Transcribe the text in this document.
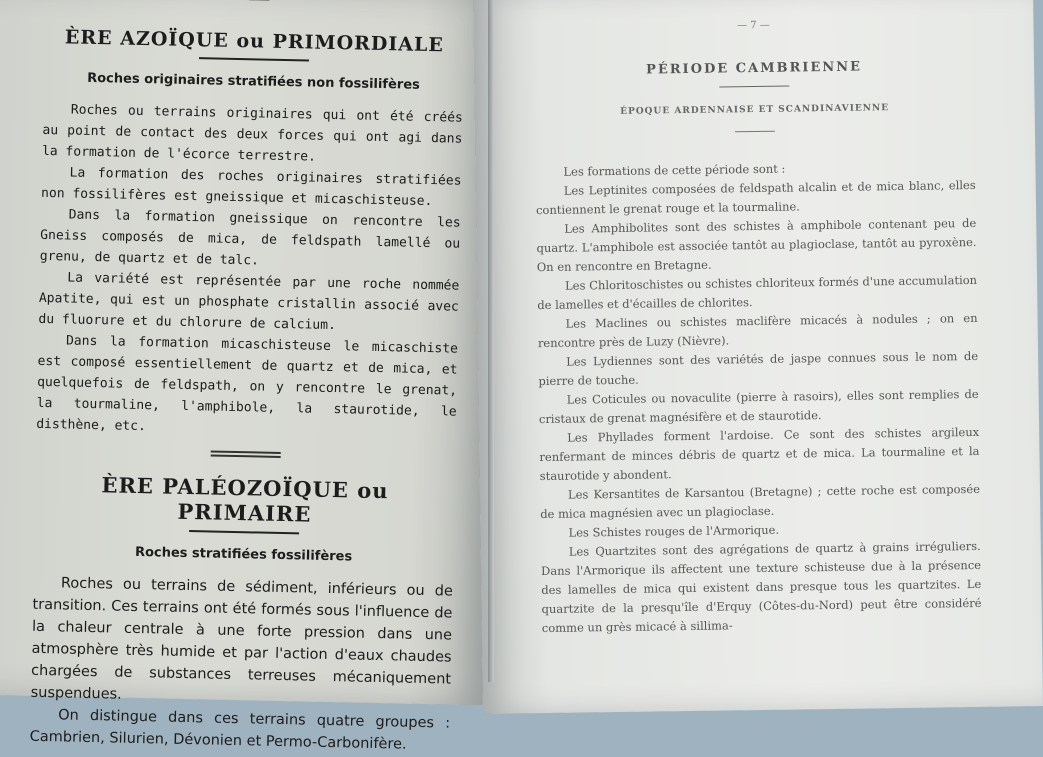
ÈRE AZOÏQUE ou PRIMORDIALE
Roches originaires stratifiées non fossilifères

Roches ou terrains originaires qui ont été créés au point de contact des deux forces qui ont agi dans la formation de l'écorce terrestre.

La formation des roches originaires stratifiées non fossilifères est gneissique et micaschisteuse.

Dans la formation gneissique on rencontre les Gneiss composés de mica, de feldspath lamellé ou grenu, de quartz et de talc.

La variété est représentée par une roche nommée Apatite, qui est un phosphate cristallin associé avec du fluorure et du chlorure de calcium.

Dans la formation micaschisteuse le micaschiste est composé essentiellement de quartz et de mica, et quelquefois de feldspath, on y rencontre le grenat, la tourmaline, l'amphibole, la staurotide, le disthène, etc.

ÈRE PALÉOZOÏQUE ou PRIMAIRE
Roches stratifiées fossilifères

Roches ou terrains de sédiment, inférieurs ou de transition. Ces terrains ont été formés sous l'influence de la chaleur centrale à une forte pression dans une atmosphère très humide et par l'action d'eaux chaudes chargées de substances terreuses mécaniquement suspendues.

On distingue dans ces terrains quatre groupes : Cambrien, Silurien, Dévonien et Permo-Carbonifère.

— 7 —
PÉRIODE CAMBRIENNE
ÉPOQUE ARDENNAISE ET SCANDINAVIENNE

Les formations de cette période sont :

Les Leptinites composées de feldspath alcalin et de mica blanc, elles contiennent le grenat rouge et la tourmaline.

Les Amphibolites sont des schistes à amphibole contenant peu de quartz. L'amphibole est associée tantôt au plagioclase, tantôt au pyroxène. On en rencontre en Bretagne.

Les Chloritoschistes ou schistes chloriteux formés d'une accumulation de lamelles et d'écailles de chlorites.

Les Maclines ou schistes maclifère micacés à nodules ; on en rencontre près de Luzy (Nièvre).

Les Lydiennes sont des variétés de jaspe connues sous le nom de pierre de touche.

Les Coticules ou novaculite (pierre à rasoirs), elles sont remplies de cristaux de grenat magnésifère et de staurotide.

Les Phyllades forment l'ardoise. Ce sont des schistes argileux renfermant de minces débris de quartz et de mica. La tourmaline et la staurotide y abondent.

Les Kersantites de Karsantou (Bretagne) ; cette roche est composée de mica magnésien avec un plagioclase.

Les Schistes rouges de l'Armorique.

Les Quartzites sont des agrégations de quartz à grains irréguliers. Dans l'Armorique ils affectent une texture schisteuse due à la présence des lamelles de mica qui existent dans presque tous les quartzites. Le quartzite de la presqu'île d'Erquy (Côtes-du-Nord) peut être considéré comme un grès micacé à sillima-
